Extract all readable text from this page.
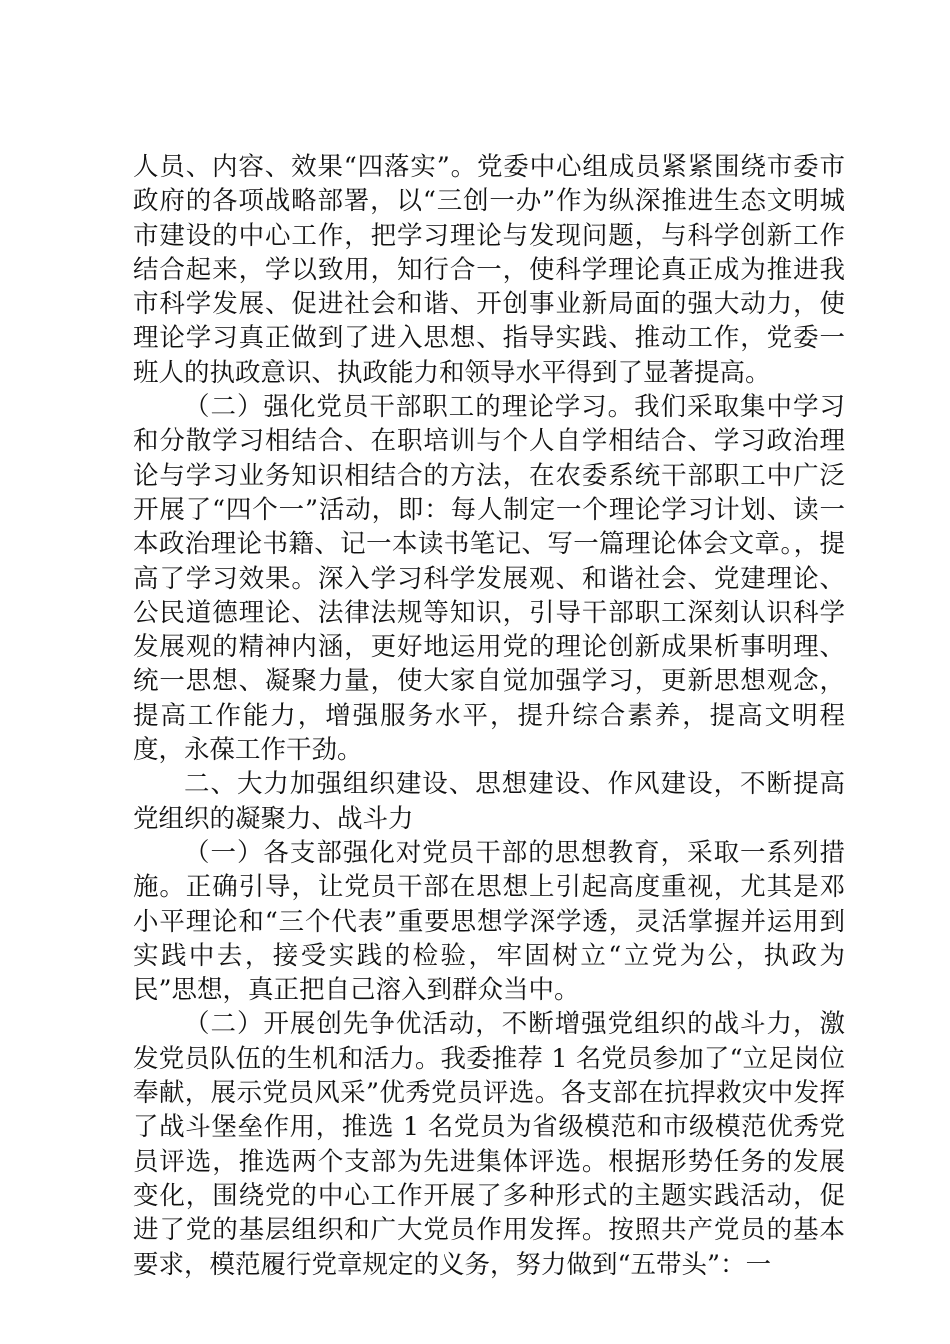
人员、内容、效果“四落实”。党委中心组成员紧紧围绕市委市政府的各项战略部署，以“三创一办”作为纵深推进生态文明城市建设的中心工作，把学习理论与发现问题，与科学创新工作结合起来，学以致用，知行合一，使科学理论真正成为推进我市科学发展、促进社会和谐、开创事业新局面的强大动力，使理论学习真正做到了进入思想、指导实践、推动工作，党委一班人的执政意识、执政能力和领导水平得到了显著提高。

（二）强化党员干部职工的理论学习。我们采取集中学习和分散学习相结合、在职培训与个人自学相结合、学习政治理论与学习业务知识相结合的方法，在农委系统干部职工中广泛开展了“四个一”活动，即：每人制定一个理论学习计划、读一本政治理论书籍、记一本读书笔记、写一篇理论体会文章。，提高了学习效果。深入学习科学发展观、和谐社会、党建理论、公民道德理论、法律法规等知识，引导干部职工深刻认识科学发展观的精神内涵，更好地运用党的理论创新成果析事明理、统一思想、凝聚力量，使大家自觉加强学习，更新思想观念，提高工作能力，增强服务水平，提升综合素养，提高文明程度，永葆工作干劲。

二、大力加强组织建设、思想建设、作风建设，不断提高党组织的凝聚力、战斗力

（一）各支部强化对党员干部的思想教育，采取一系列措施。正确引导，让党员干部在思想上引起高度重视，尤其是邓小平理论和“三个代表”重要思想学深学透，灵活掌握并运用到实践中去，接受实践的检验，牢固树立“立党为公，执政为民”思想，真正把自己溶入到群众当中。

（二）开展创先争优活动，不断增强党组织的战斗力，激发党员队伍的生机和活力。我委推荐 1 名党员参加了“立足岗位奉献，展示党员风采”优秀党员评选。各支部在抗捍救灾中发挥了战斗堡垒作用，推选 1 名党员为省级模范和市级模范优秀党员评选，推选两个支部为先进集体评选。根据形势任务的发展变化，围绕党的中心工作开展了多种形式的主题实践活动，促进了党的基层组织和广大党员作用发挥。按照共产党员的基本要求，模范履行党章规定的义务，努力做到“五带头”：一
